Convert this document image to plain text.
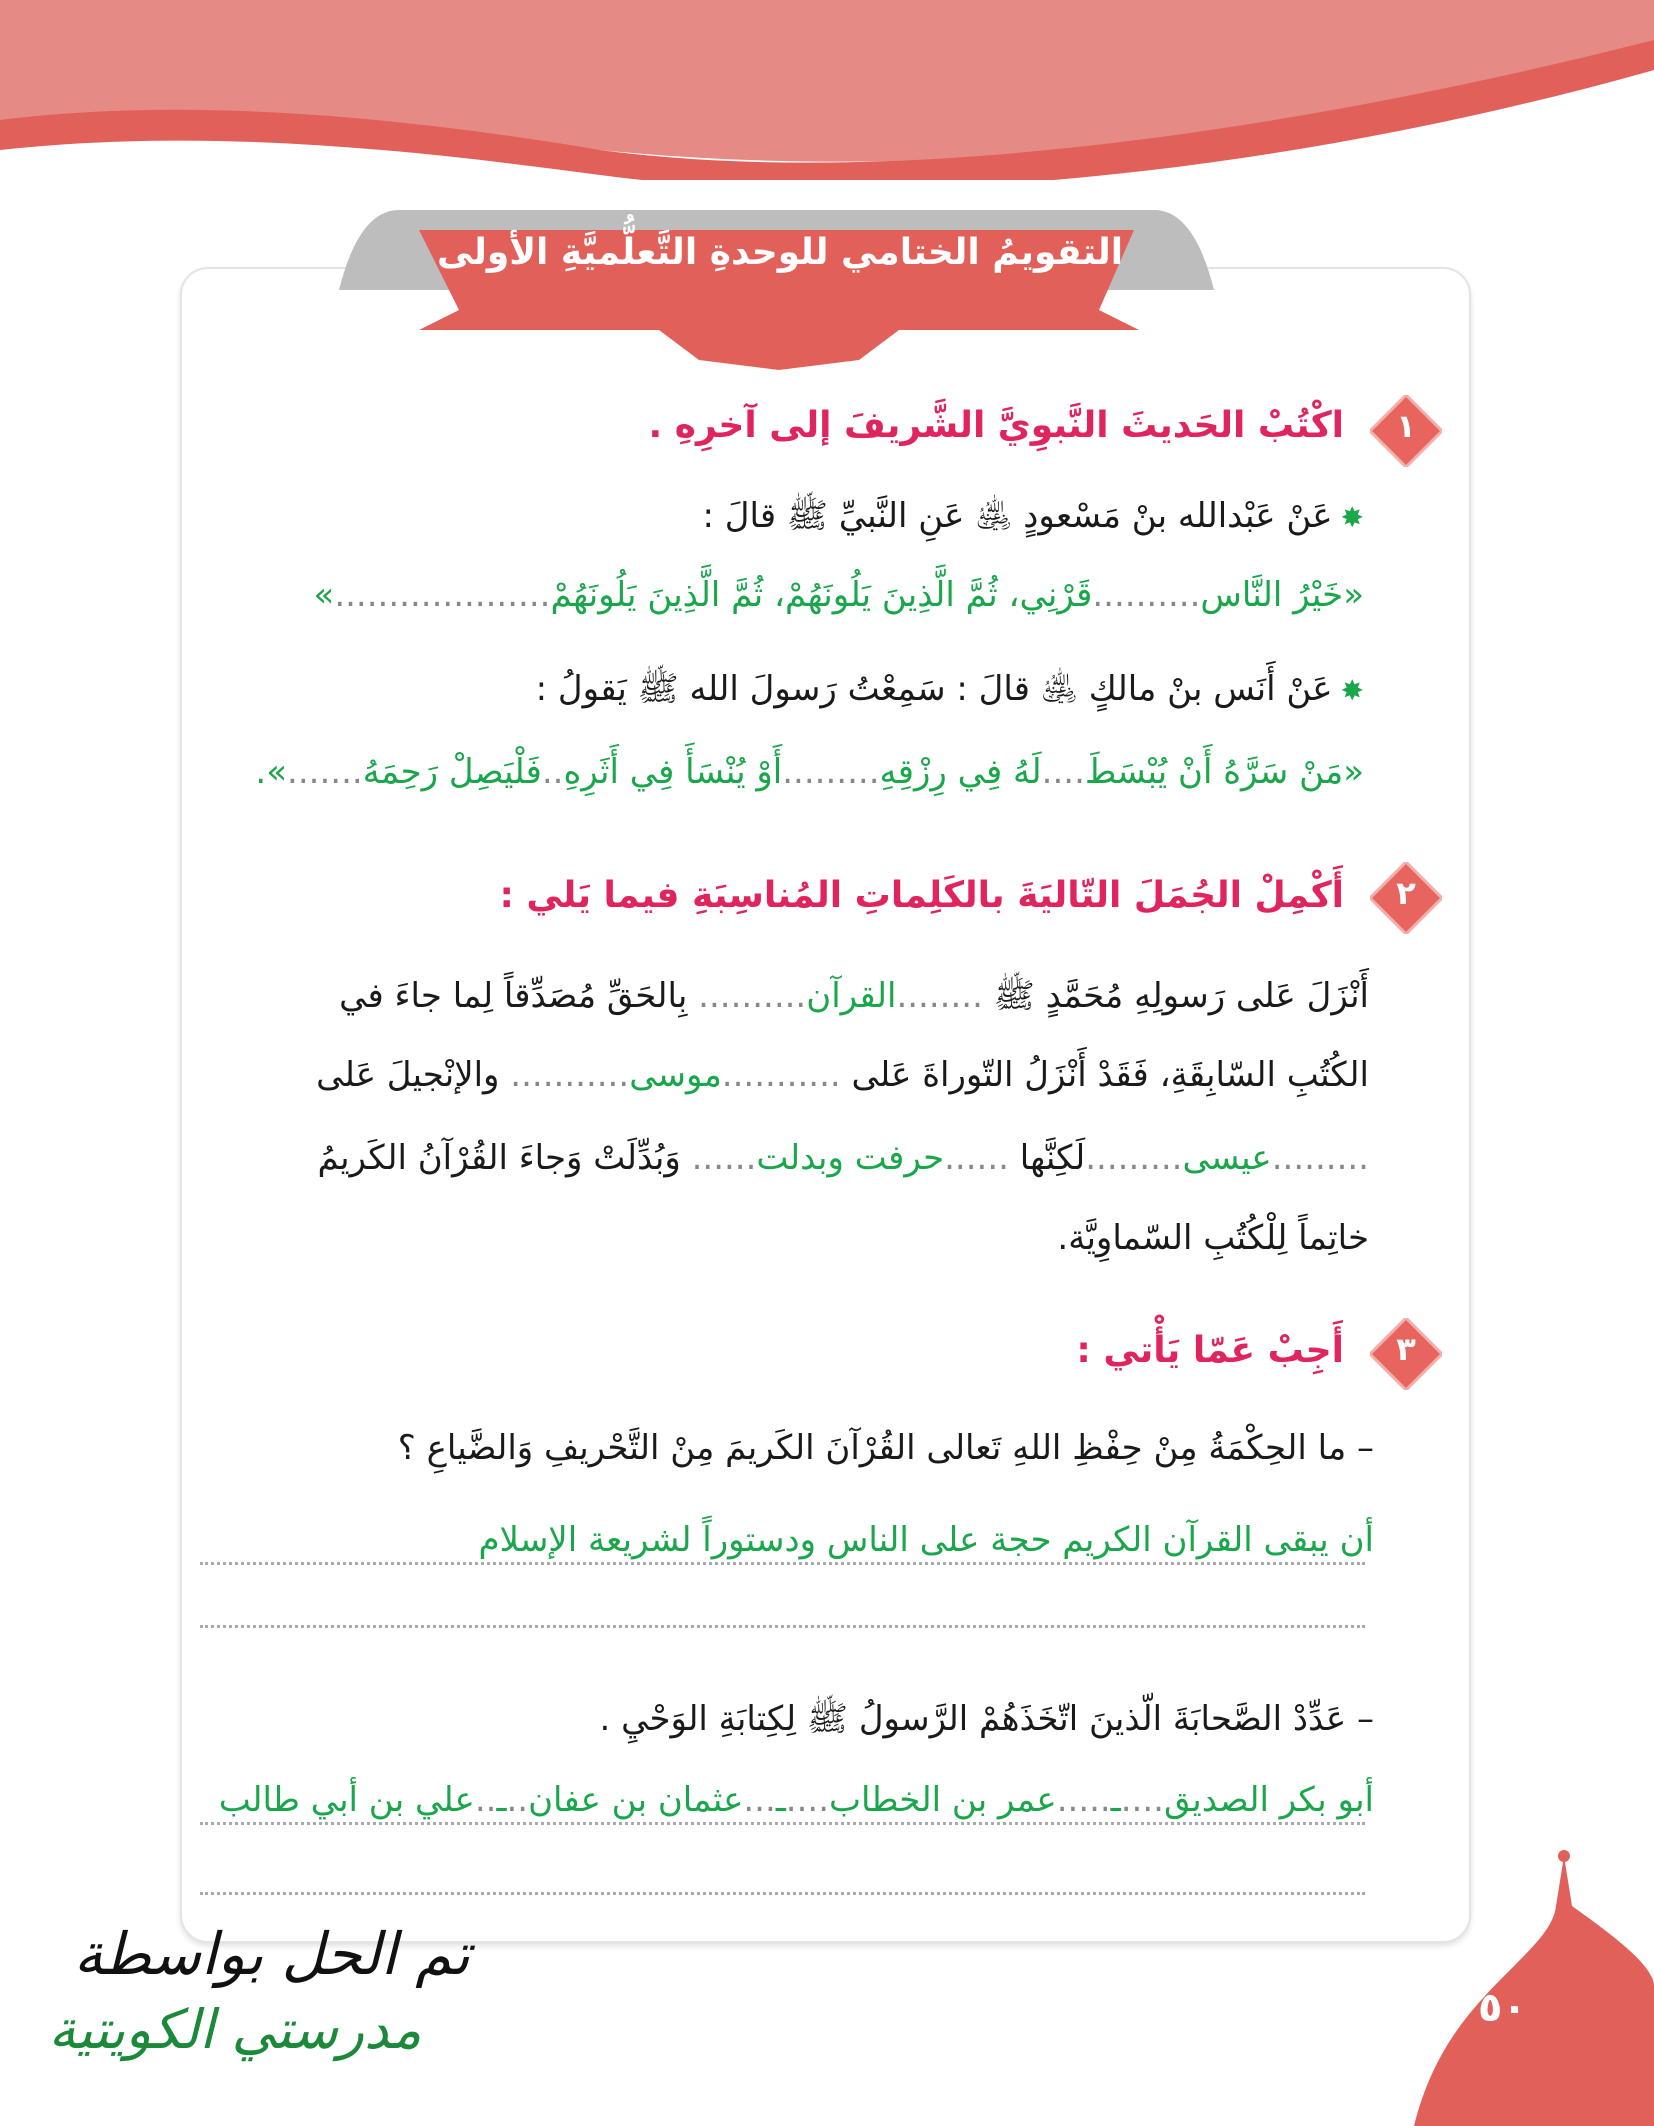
التقويمُ الختامي للوحدةِ التَّعلُّميَّةِ الأولى
١
اكْتُبْ الحَديثَ النَّبوِيَّ الشَّريفَ إلى آخرِهِ .
✸عَنْ عَبْدالله بنْ مَسْعودٍ ﵁ عَنِ النَّبيِّ ﷺ قالَ :
«خَيْرُ النَّاس..........قَرْنِي، ثُمَّ الَّذِينَ يَلُونَهُمْ، ثُمَّ الَّذِينَ يَلُونَهُمْ....................»
✸عَنْ أَنَس بنْ مالكٍ ﵁ قالَ : سَمِعْتُ رَسولَ الله ﷺ يَقولُ :
«مَنْ سَرَّهُ أَنْ يُبْسَطَ....لَهُ فِي رِزْقِهِ.........أَوْ يُنْسَأَ فِي أَثَرِهِ..فَلْيَصِلْ رَحِمَهُ.......».
٢
أَكْمِلْ الجُمَلَ التّاليَةَ بالكَلِماتِ المُناسِبَةِ فيما يَلي :
أَنْزَلَ عَلى رَسولِهِ مُحَمَّدٍ ﷺ ........القرآن.......... بِالحَقِّ مُصَدِّقاً لِما جاءَ في
الكُتُبِ السّابِقَةِ، فَقَدْ أَنْزَلُ التّوراةَ عَلى ...........موسى........... والإنْجيلَ عَلى
.........عيسى.........لَكِنَّها ......حرفت وبدلت...... وَبُدِّلَتْ وَجاءَ القُرْآنُ الكَريمُ
خاتِماً لِلْكُتُبِ السّماوِيَّة.
٣
أَجِبْ عَمّا يَأْتي :
– ما الحِكْمَةُ مِنْ حِفْظِ اللهِ تَعالى القُرْآنَ الكَريمَ مِنْ التَّحْريفِ وَالضَّياعِ ؟
أن يبقى القرآن الكريم حجة على الناس ودستوراً لشريعة الإسلام
– عَدِّدْ الصَّحابَةَ الّذينَ اتّخَذَهُمْ الرَّسولُ ﷺ لِكِتابَةِ الوَحْيِ .
أبو بكر الصديق....ـ.....عمر بن الخطاب....ـ...عثمان بن عفان..ـ..علي بن أبي طالب
تم الحل بواسطة
مدرستي الكويتية	٥٠
